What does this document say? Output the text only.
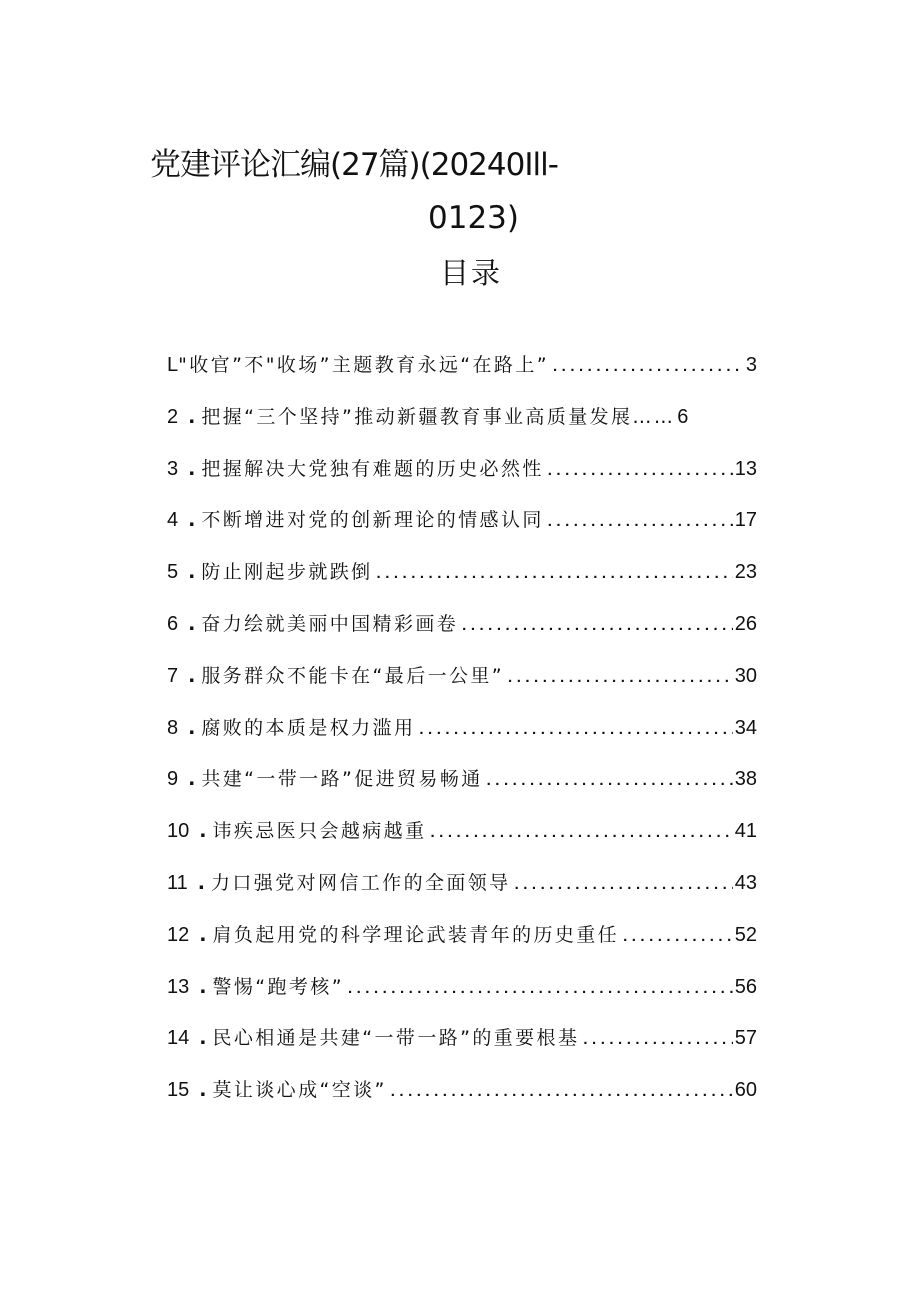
党建评论汇编(27篇)(20240Ill-
0123)
目录
L "收官”不"收场”主题教育永远“在路上” .....	3
2 . 把握“三个坚持”推动新疆教育事业高质量发展…… 6
3 . 把握解决大党独有难题的历史必然性 .....	13
4 . 不断增进对党的创新理论的情感认同 .....	17
5 . 防止刚起步就跌倒 .....	23
6 . 奋力绘就美丽中国精彩画卷 .....	26
7 . 服务群众不能卡在“最后一公里” .....	30
8 . 腐败的本质是权力滥用 .....	34
9 . 共建“一带一路”促进贸易畅通 .....	38
10 . 讳疾忌医只会越病越重 .....	41
11 . 力口强党对网信工作的全面领导 .....	43
12 . 肩负起用党的科学理论武装青年的历史重任 .....	52
13 . 警惕“跑考核” .....	56
14 . 民心相通是共建“一带一路”的重要根基 .....	57
15 . 莫让谈心成“空谈” .....	60
